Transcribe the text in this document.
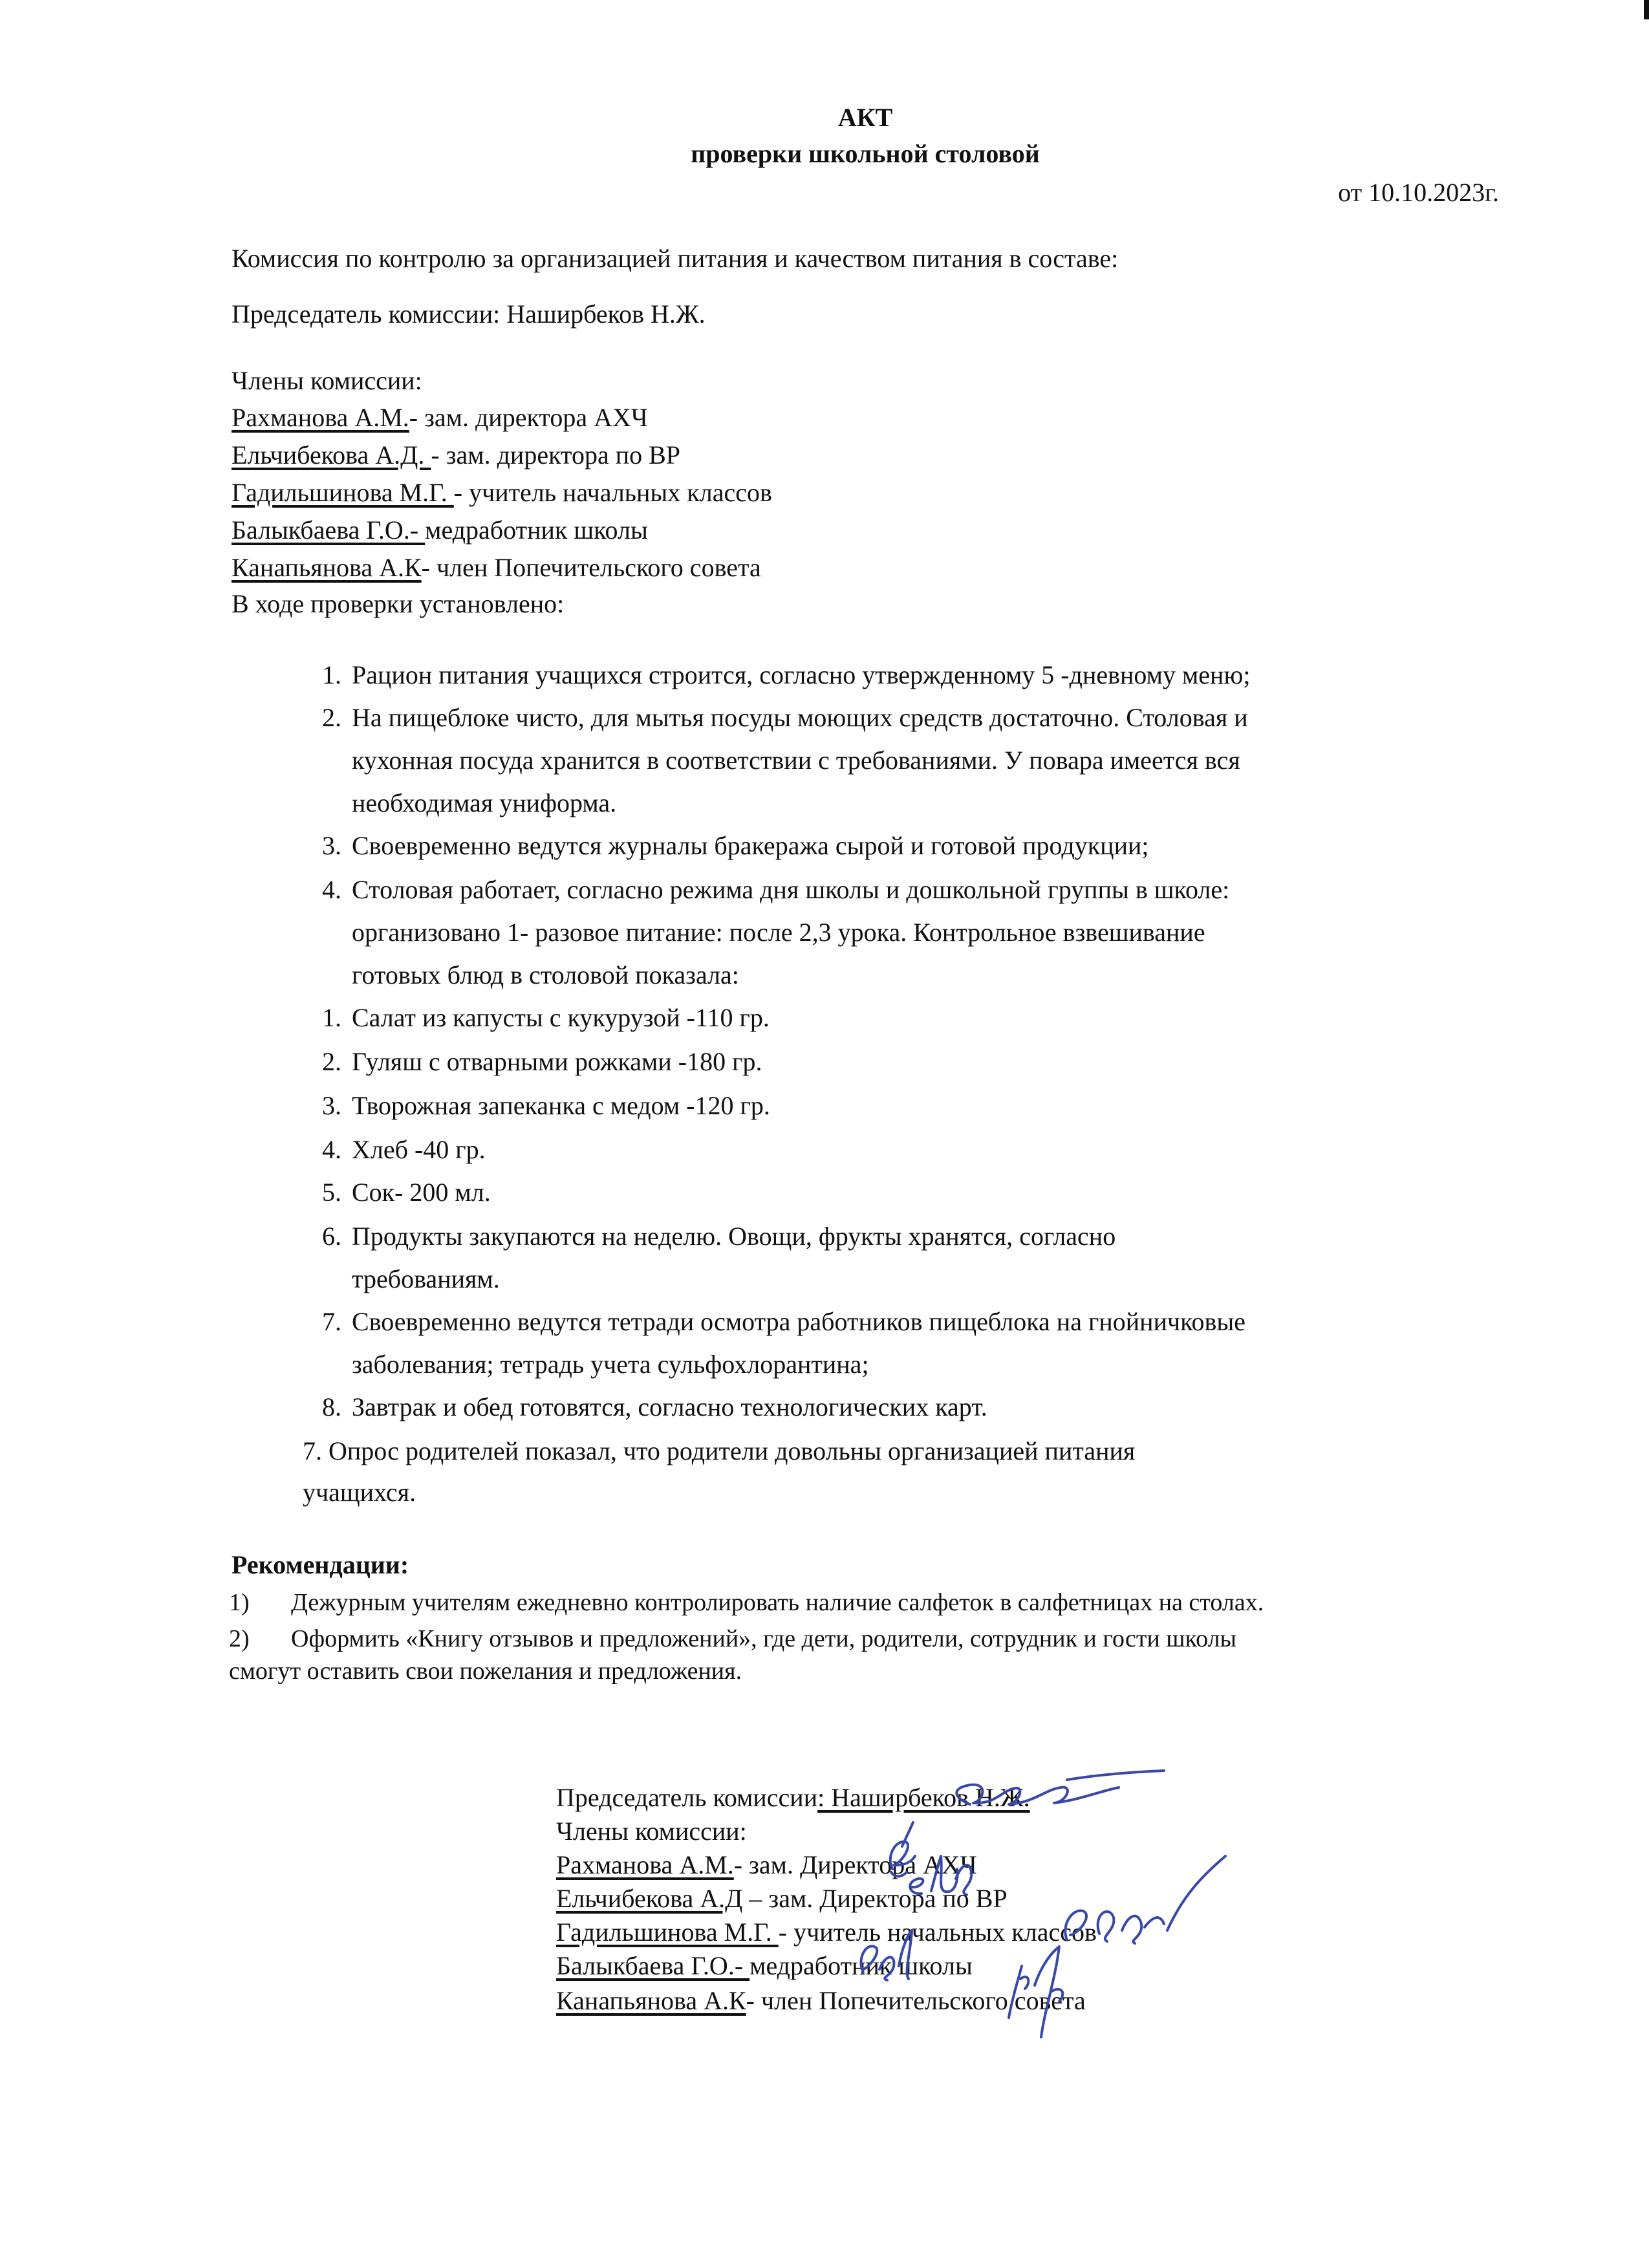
АКТ
проверки школьной столовой
от 10.10.2023г.
Комиссия по контролю за организацией питания и качеством питания в составе:
Председатель комиссии: Наширбеков Н.Ж.
Члены комиссии:
Рахманова А.М.- зам. директора АХЧ
Ельчибекова А.Д. - зам. директора по ВР
Гадильшинова М.Г. - учитель начальных классов
Балыкбаева Г.О.- медработник школы
Канапьянова А.К- член Попечительского совета
В ходе проверки установлено:
1. Рацион питания учащихся строится, согласно утвержденному 5 -дневному меню;
2. На пищеблоке чисто, для мытья посуды моющих средств достаточно. Столовая и
кухонная посуда хранится в соответствии с требованиями. У повара имеется вся
необходимая униформа.
3. Своевременно ведутся журналы бракеража сырой и готовой продукции;
4. Столовая работает, согласно режима дня школы и дошкольной группы в школе:
организовано 1- разовое питание: после 2,3 урока. Контрольное взвешивание
готовых блюд в столовой показала:
1. Салат из капусты с кукурузой -110 гр.
2. Гуляш с отварными рожками -180 гр.
3. Творожная запеканка с медом -120 гр.
4. Хлеб -40 гр.
5. Сок- 200 мл.
6. Продукты закупаются на неделю. Овощи, фрукты хранятся, согласно
требованиям.
7. Своевременно ведутся тетради осмотра работников пищеблока на гнойничковые
заболевания; тетрадь учета сульфохлорантина;
8. Завтрак и обед готовятся, согласно технологических карт.
7. Опрос родителей показал, что родители довольны организацией питания
учащихся.
Рекомендации:
1) Дежурным учителям ежедневно контролировать наличие салфеток в салфетницах на столах.
2) Оформить «Книгу отзывов и предложений», где дети, родители, сотрудник и гости школы
смогут оставить свои пожелания и предложения.
Председатель комиссии: Наширбеков Н.Ж.
Члены комиссии:
Рахманова А.М.- зам. Директора АХЧ
Ельчибекова А.Д – зам. Директора по ВР
Гадильшинова М.Г. - учитель начальных классов
Балыкбаева Г.О.- медработник школы
Канапьянова А.К- член Попечительского совета
